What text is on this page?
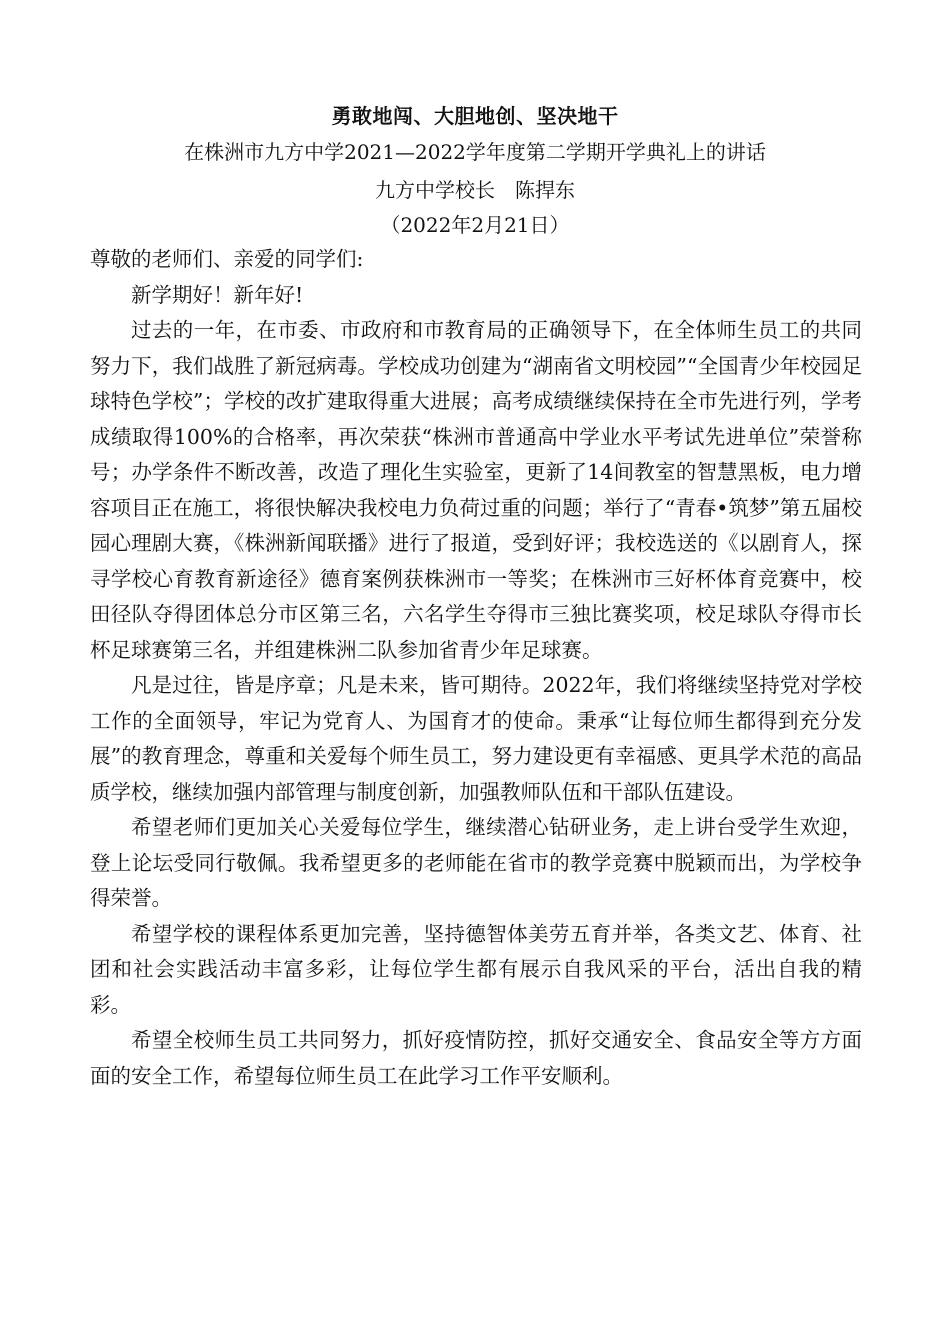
勇敢地闯、大胆地创、坚决地干

在株洲市九方中学2021—2022学年度第二学期开学典礼上的讲话

九方中学校长　陈捍东

（2022年2月21日）

尊敬的老师们、亲爱的同学们:

新学期好！新年好!

过去的一年，在市委、市政府和市教育局的正确领导下，在全体师生员工的共同努力下，我们战胜了新冠病毒。学校成功创建为“湖南省文明校园”“全国青少年校园足球特色学校”；学校的改扩建取得重大进展；高考成绩继续保持在全市先进行列，学考成绩取得100%的合格率，再次荣获“株洲市普通高中学业水平考试先进单位”荣誉称号；办学条件不断改善，改造了理化生实验室，更新了14间教室的智慧黑板，电力增容项目正在施工，将很快解决我校电力负荷过重的问题；举行了“青春•筑梦”第五届校园心理剧大赛，《株洲新闻联播》进行了报道，受到好评；我校选送的《以剧育人，探寻学校心育教育新途径》德育案例获株洲市一等奖；在株洲市三好杯体育竞赛中，校田径队夺得团体总分市区第三名，六名学生夺得市三独比赛奖项，校足球队夺得市长杯足球赛第三名，并组建株洲二队参加省青少年足球赛。

凡是过往，皆是序章；凡是未来，皆可期待。2022年，我们将继续坚持党对学校工作的全面领导，牢记为党育人、为国育才的使命。秉承“让每位师生都得到充分发展”的教育理念，尊重和关爱每个师生员工，努力建设更有幸福感、更具学术范的高品质学校，继续加强内部管理与制度创新，加强教师队伍和干部队伍建设。

希望老师们更加关心关爱每位学生，继续潜心钻研业务，走上讲台受学生欢迎，登上论坛受同行敬佩。我希望更多的老师能在省市的教学竞赛中脱颖而出，为学校争得荣誉。

希望学校的课程体系更加完善，坚持德智体美劳五育并举，各类文艺、体育、社团和社会实践活动丰富多彩，让每位学生都有展示自我风采的平台，活出自我的精彩。

希望全校师生员工共同努力，抓好疫情防控，抓好交通安全、食品安全等方方面面的安全工作，希望每位师生员工在此学习工作平安顺利。
